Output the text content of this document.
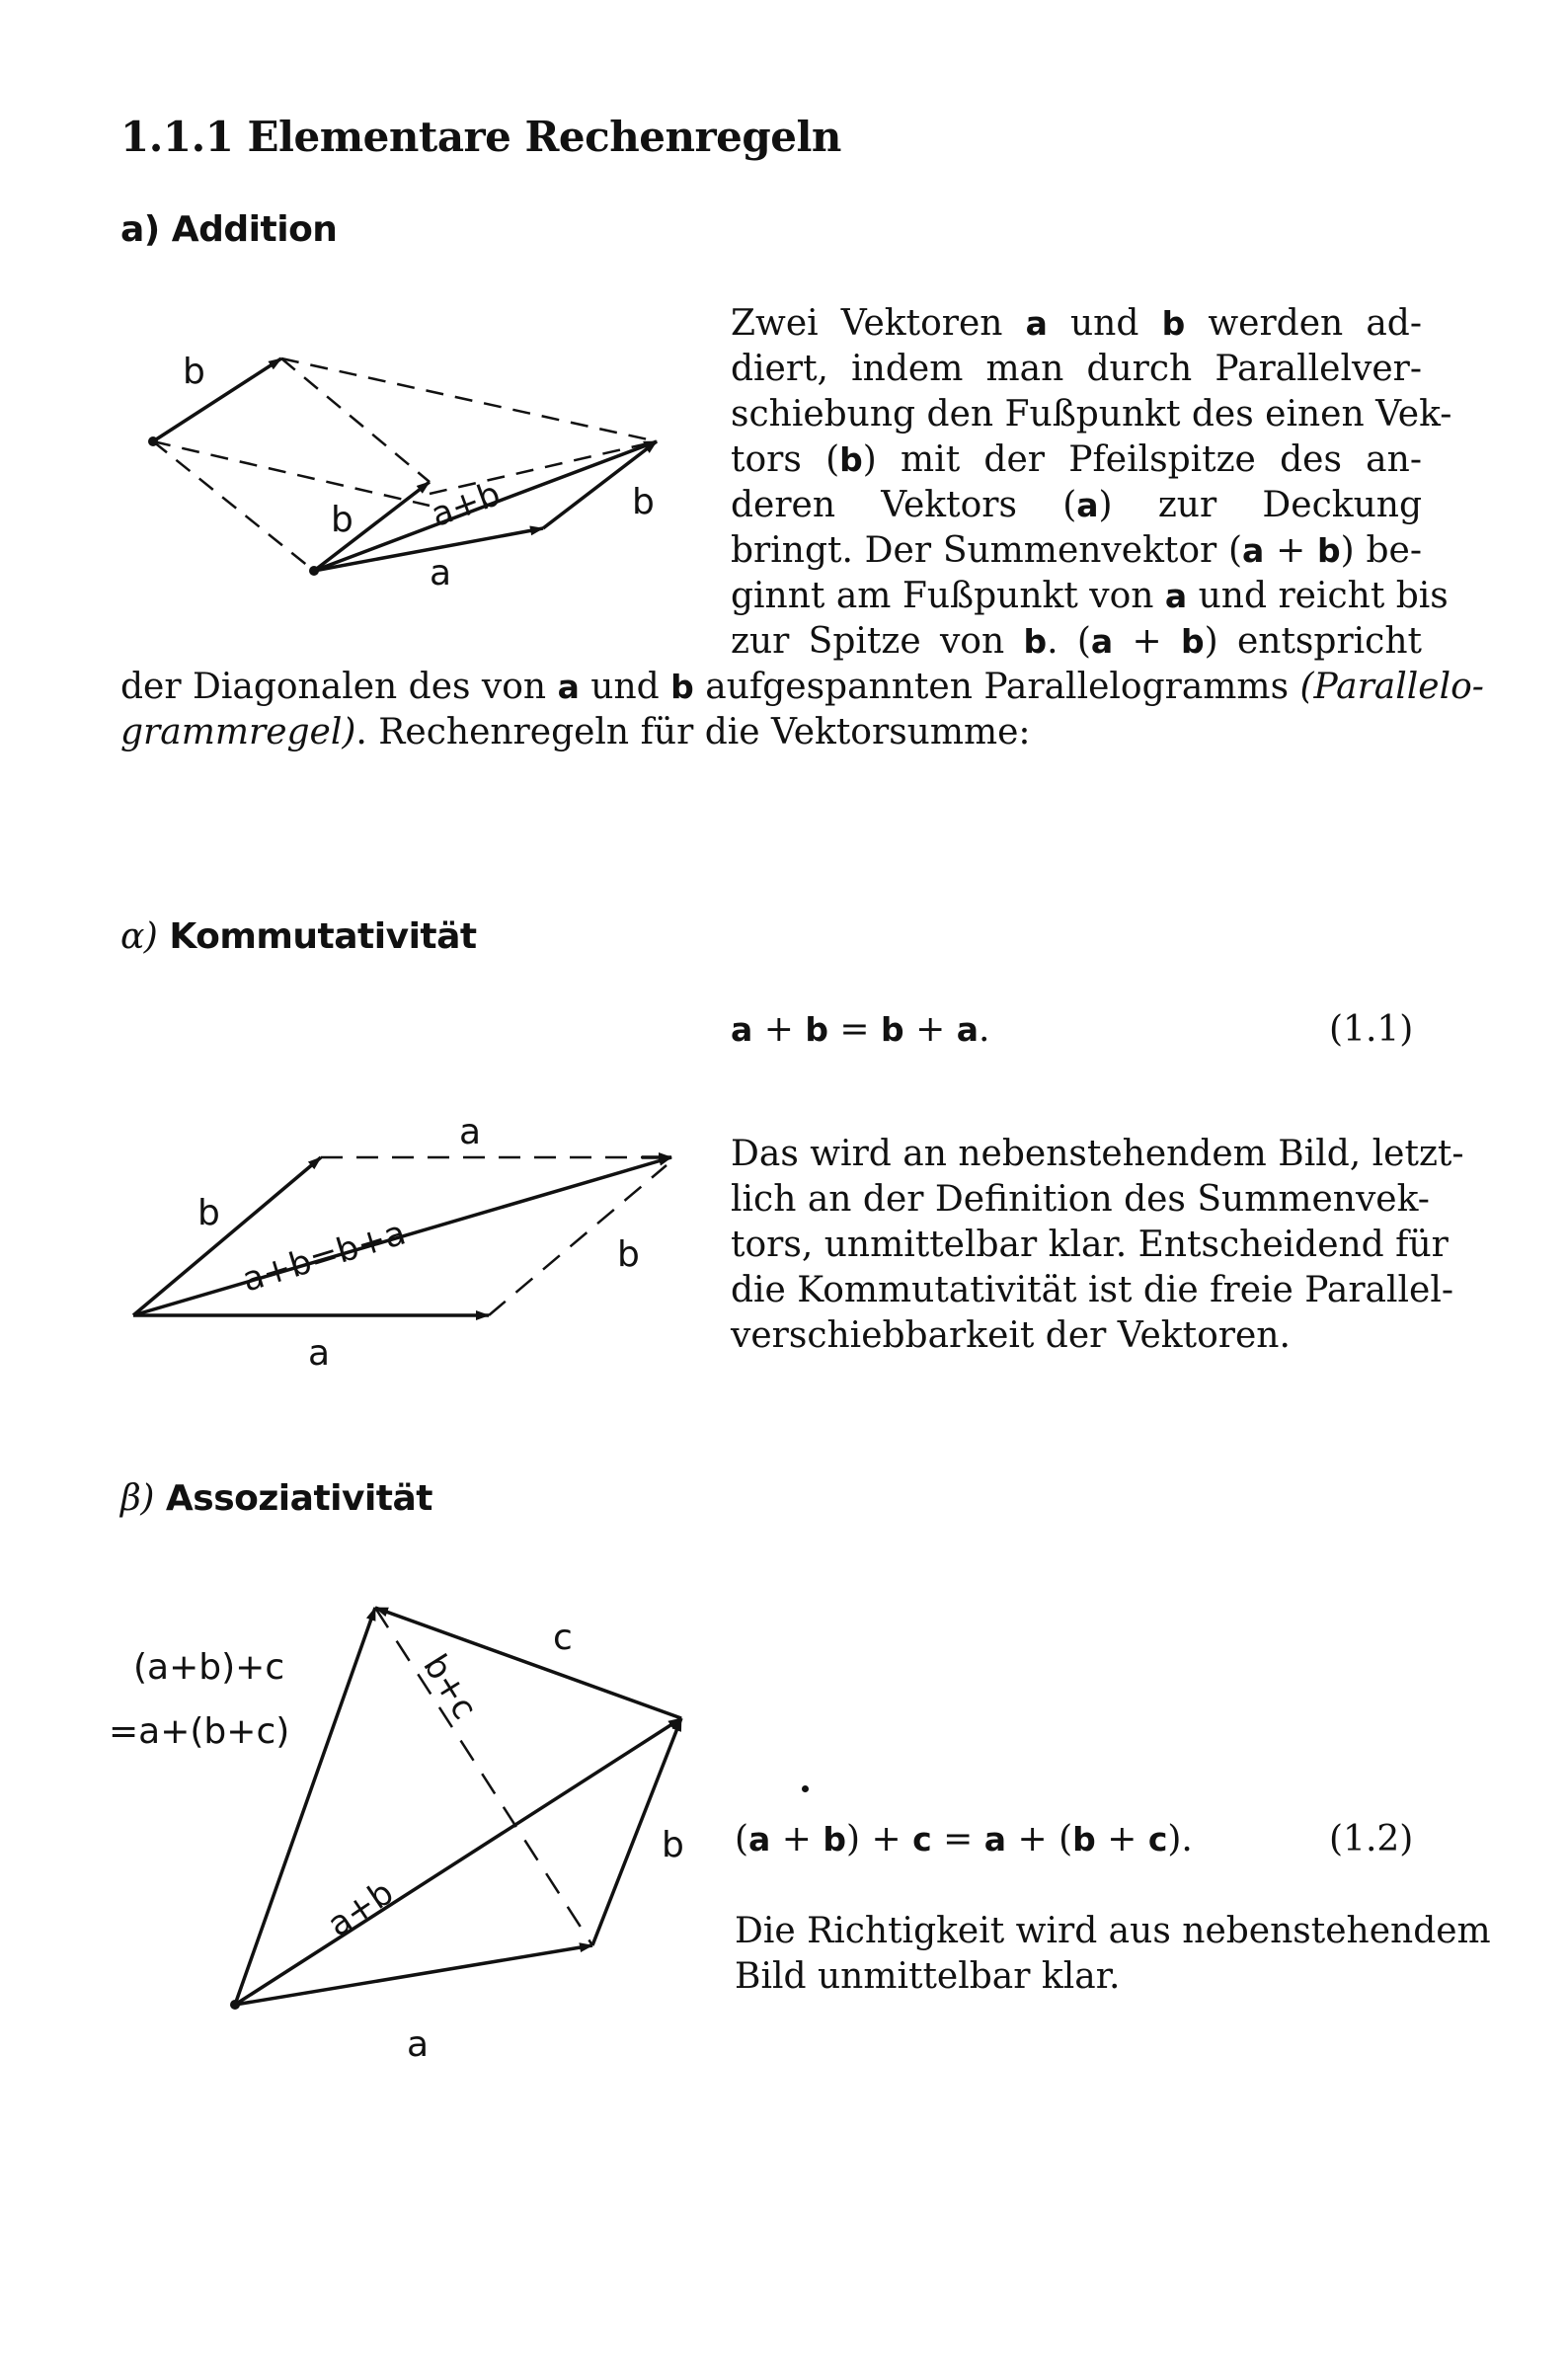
1.1.1 Elementare Rechenregeln
a) Addition
b
b a+b	b
a
Zwei Vektoren a und b werden ad-
diert, indem man durch Parallelver-
schiebung den Fußpunkt des einen Vek-
tors (b) mit der Pfeilspitze des an-
deren Vektors (a) zur Deckung
bringt. Der Summenvektor (a + b) be-
ginnt am Fußpunkt von a und reicht bis
zur Spitze von b. (a + b) entspricht
der Diagonalen des von a und b aufgespannten Parallelogramms (Parallelo-
grammregel). Rechenregeln für die Vektorsumme:
α) Kommutativität
a + b = b + a.	(1.1)
a
b
a+b=b+a	b
a
Das wird an nebenstehendem Bild, letzt-
lich an der Definition des Summenvek-
tors, unmittelbar klar. Entscheidend für
die Kommutativität ist die freie Parallel-
verschiebbarkeit der Vektoren.
β) Assoziativität
(a+b)+c
=a+(b+c)
c
b+c
b
a+b
a
(a + b) + c = a + (b + c).	(1.2)
Die Richtigkeit wird aus nebenstehendem
Bild unmittelbar klar.
